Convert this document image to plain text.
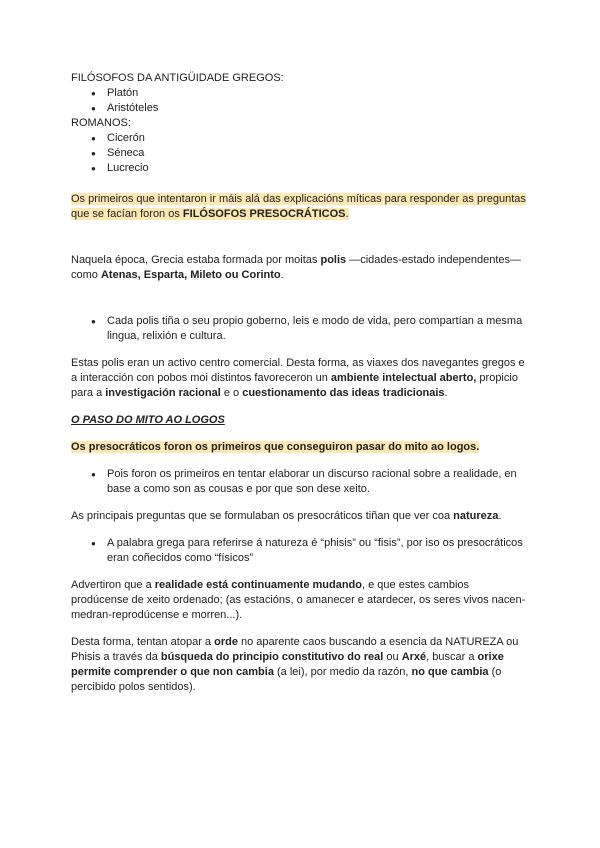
FILÓSOFOS DA ANTIGÜIDADE GREGOS:

● Platón
● Aristóteles

ROMANOS:

● Cicerón
● Séneca
● Lucrecio

Os primeiros que intentaron ir máis alá das explicacións míticas para responder as preguntas que se facían foron os FILÓSOFOS PRESOCRÁTICOS.

Naquela época, Grecia estaba formada por moitas polis —cidades-estado independentes— como Atenas, Esparta, Mileto ou Corinto.

● Cada polis tiña o seu propio goberno, leis e modo de vida, pero compartían a mesma lingua, relixión e cultura.

Estas polis eran un activo centro comercial. Desta forma, as viaxes dos navegantes gregos e a interacción con pobos moi distintos favoreceron un ambiente intelectual aberto, propicio para a investigación racional e o cuestionamento das ideas tradicionais.

O PASO DO MITO AO LOGOS

Os presocráticos foron os primeiros que conseguiron pasar do mito ao logos.

● Pois foron os primeiros en tentar elaborar un discurso racional sobre a realidade, en base a como son as cousas e por que son dese xeito.

As principais preguntas que se formulaban os presocráticos tiñan que ver coa natureza.

● A palabra grega para referirse á natureza é “phisis” ou “fisis”, por iso os presocráticos eran coñecidos como “físicos”

Advertiron que a realidade está continuamente mudando, e que estes cambios prodúcense de xeito ordenado; (as estacións, o amanecer e atardecer, os seres vivos nacen-medran-reprodúcense e morren...).

Desta forma, tentan atopar a orde no aparente caos buscando a esencia da NATUREZA ou Phisis a través da búsqueda do principio constitutivo do real ou Arxé, buscar a orixe permite comprender o que non cambia (a lei), por medio da razón, no que cambia (o percibido polos sentidos).
